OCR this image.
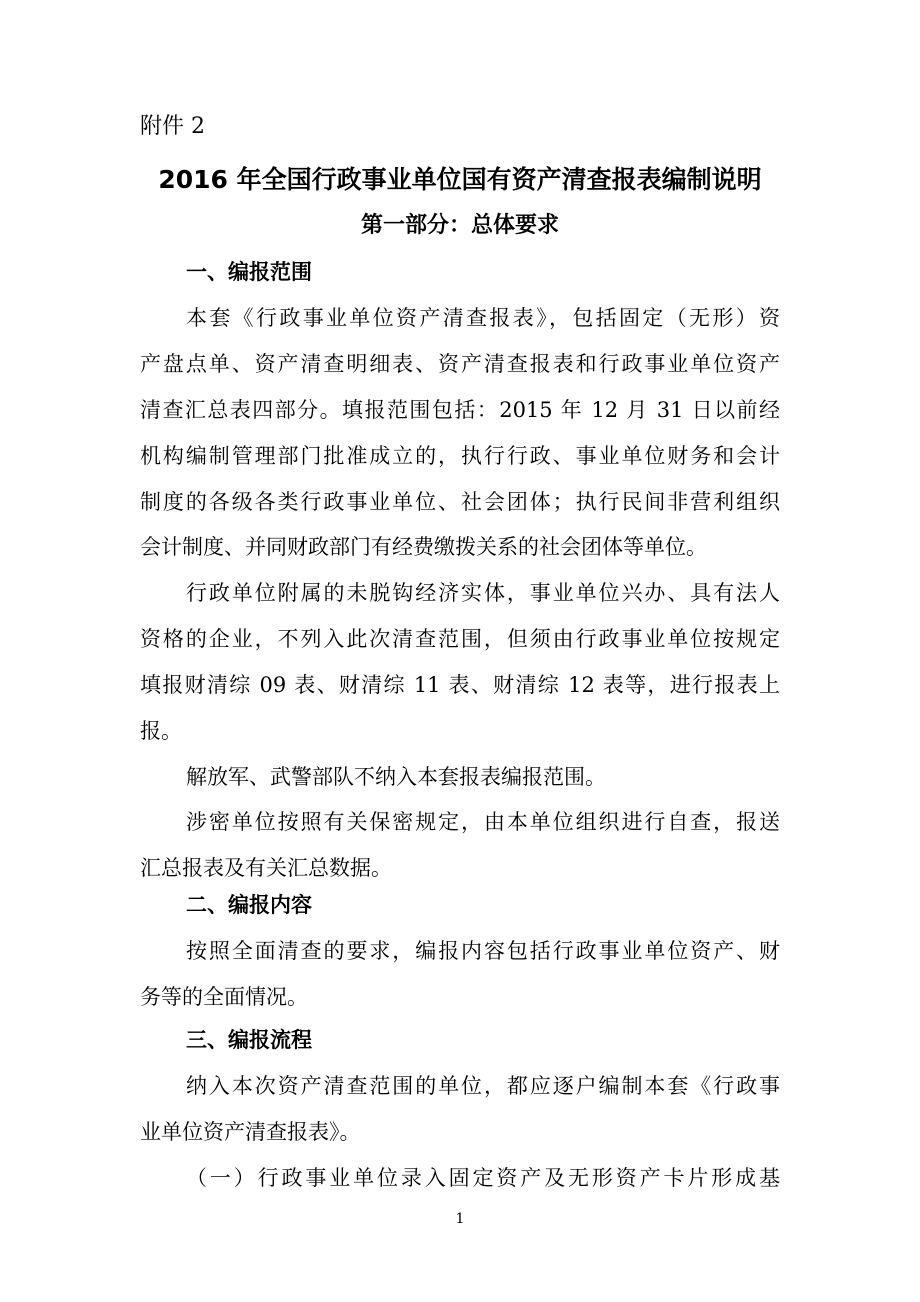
附件 2

2016 年全国行政事业单位国有资产清查报表编制说明
第一部分：总体要求
一、编报范围

本套《行政事业单位资产清查报表》，包括固定（无形）资

产盘点单、资产清查明细表、资产清查报表和行政事业单位资产

清查汇总表四部分。填报范围包括：2015 年 12 月 31 日以前经

机构编制管理部门批准成立的，执行行政、事业单位财务和会计

制度的各级各类行政事业单位、社会团体；执行民间非营利组织

会计制度、并同财政部门有经费缴拨关系的社会团体等单位。

行政单位附属的未脱钩经济实体，事业单位兴办、具有法人

资格的企业，不列入此次清查范围，但须由行政事业单位按规定

填报财清综 09 表、财清综 11 表、财清综 12 表等，进行报表上

报。

解放军、武警部队不纳入本套报表编报范围。

涉密单位按照有关保密规定，由本单位组织进行自查，报送

汇总报表及有关汇总数据。

二、编报内容

按照全面清查的要求，编报内容包括行政事业单位资产、财

务等的全面情况。

三、编报流程

纳入本次资产清查范围的单位，都应逐户编制本套《行政事

业单位资产清查报表》。

（一）行政事业单位录入固定资产及无形资产卡片形成基

1
